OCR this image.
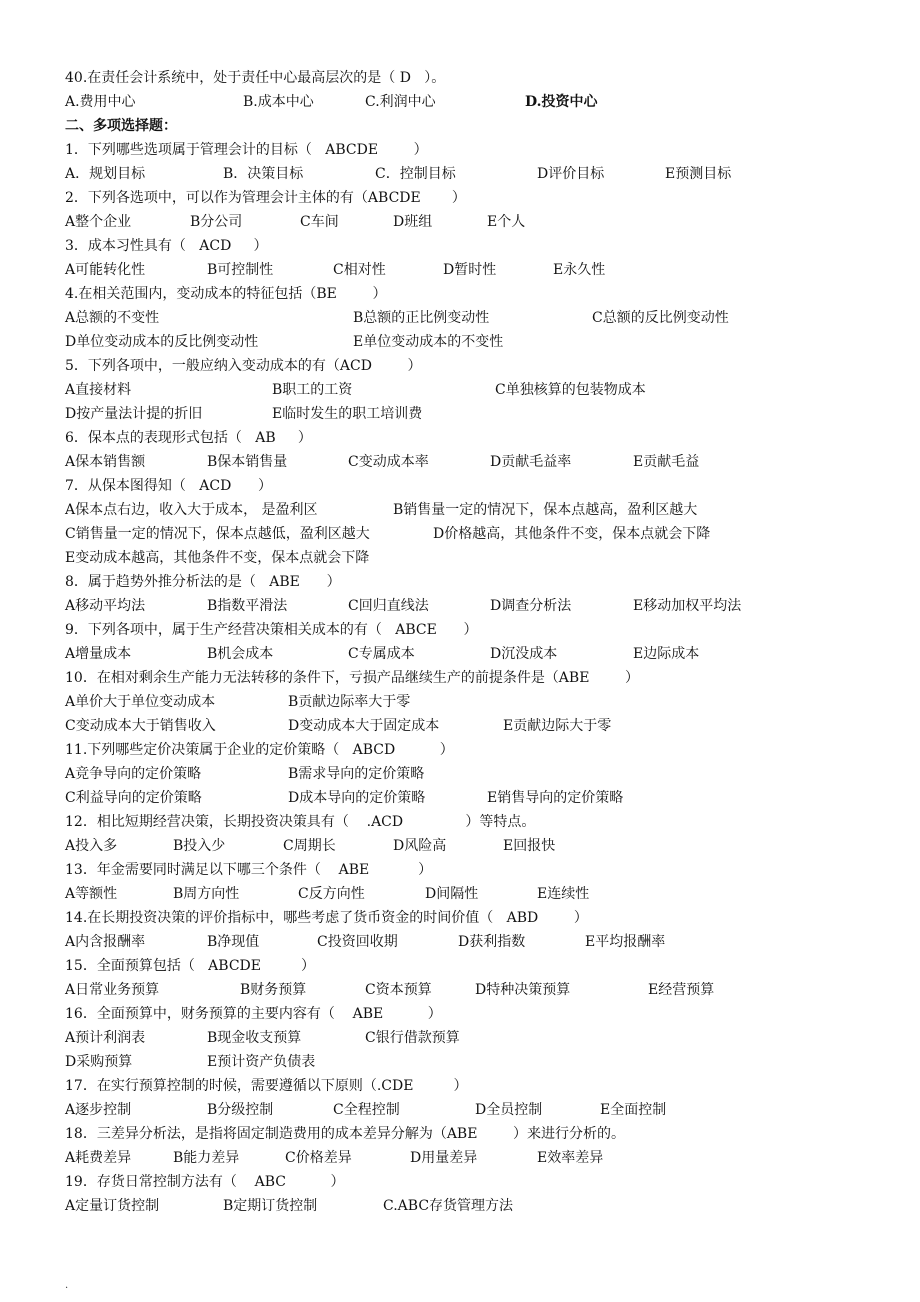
40.在责任会计系统中，处于责任中心最高层次的是（ D   ）。
A.费用中心	B.成本中心	C.利润中心	D.投资中心
二、多项选择题：
1．下列哪些选项属于管理会计的目标（   ABCDE        ）
A．规划目标	B．决策目标	C．控制目标	D评价目标	E预测目标
2．下列各选项中，可以作为管理会计主体的有（ABCDE       ）
A整个企业	B分公司	C车间	D班组	E个人
3．成本习性具有（   ACD     ）
A可能转化性	B可控制性	C相对性	D暂时性	E永久性
4.在相关范围内，变动成本的特征包括（BE        ）
A总额的不变性	B总额的正比例变动性	C总额的反比例变动性
D单位变动成本的反比例变动性	E单位变动成本的不变性
5．下列各项中，一般应纳入变动成本的有（ACD        ）
A直接材料	B职工的工资	C单独核算的包装物成本
D按产量法计提的折旧	E临时发生的职工培训费
6．保本点的表现形式包括（   AB     ）
A保本销售额	B保本销售量	C变动成本率	D贡献毛益率	E贡献毛益
7．从保本图得知（   ACD      ）
A保本点右边，收入大于成本， 是盈利区	B销售量一定的情况下，保本点越高，盈利区越大
C销售量一定的情况下，保本点越低，盈利区越大	D价格越高，其他条件不变，保本点就会下降
E变动成本越高，其他条件不变，保本点就会下降
8．属于趋势外推分析法的是（   ABE      ）
A移动平均法	B指数平滑法	C回归直线法	D调查分析法	E移动加权平均法
9．下列各项中，属于生产经营决策相关成本的有（   ABCE      ）
A增量成本	B机会成本	C专属成本	D沉没成本	E边际成本
10．在相对剩余生产能力无法转移的条件下，亏损产品继续生产的前提条件是（ABE        ）
A单价大于单位变动成本	B贡献边际率大于零
C变动成本大于销售收入	D变动成本大于固定成本	E贡献边际大于零
11.下列哪些定价决策属于企业的定价策略（   ABCD          ）
A竞争导向的定价策略	B需求导向的定价策略
C利益导向的定价策略	D成本导向的定价策略	E销售导向的定价策略
12．相比短期经营决策，长期投资决策具有（    .ACD              ）等特点。
A投入多	B投入少	C周期长	D风险高	E回报快
13．年金需要同时满足以下哪三个条件（    ABE           ）
A等额性	B周方向性	C反方向性	D间隔性	E连续性
14.在长期投资决策的评价指标中，哪些考虑了货币资金的时间价值（   ABD        ）
A内含报酬率	B净现值	C投资回收期	D获利指数	E平均报酬率
15．全面预算包括（   ABCDE         ）
A日常业务预算	B财务预算	C资本预算	D特种决策预算	E经营预算
16．全面预算中，财务预算的主要内容有（    ABE          ）
A预计利润表	B现金收支预算	C银行借款预算
D采购预算	E预计资产负债表
17．在实行预算控制的时候，需要遵循以下原则（.CDE         ）
A逐步控制	B分级控制	C全程控制	D全员控制	E全面控制
18．三差异分析法，是指将固定制造费用的成本差异分解为（ABE        ）来进行分析的。
A耗费差异	B能力差异	C价格差异	D用量差异	E效率差异
19．存货日常控制方法有（    ABC          ）
A定量订货控制	B定期订货控制	C.ABC存货管理方法
.
